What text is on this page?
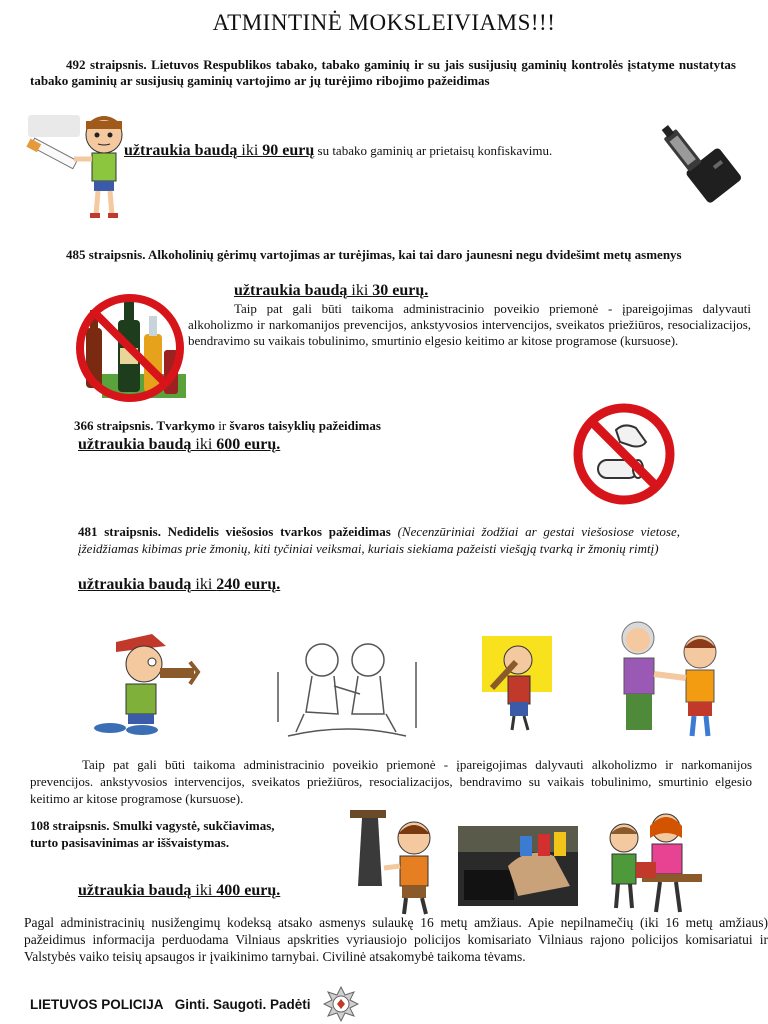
ATMINTINĖ MOKSLEIVIAMS!!!
492 straipsnis. Lietuvos Respublikos tabako, tabako gaminių ir su jais susijusių gaminių kontrolės įstatyme nustatytas tabako gaminių ar susijusių gaminių vartojimo ar jų turėjimo ribojimo pažeidimas
užtraukia baudą iki 90 eurų su tabako gaminių ar prietaisų konfiskavimu.
485 straipsnis. Alkoholinių gėrimų vartojimas ar turėjimas, kai tai daro jaunesni negu dvidešimt metų asmenys
užtraukia baudą iki 30 eurų.
Taip pat gali būti taikoma administracinio poveikio priemonė - įpareigojimas dalyvauti alkoholizmo ir narkomanijos prevencijos, ankstyvosios intervencijos, sveikatos priežiūros, resocializacijos, bendravimo su vaikais tobulinimo, smurtinio elgesio keitimo ar kitose programose (kursuose).
366 straipsnis. Tvarkymo ir švaros taisyklių pažeidimas
užtraukia baudą iki 600 eurų.
481 straipsnis. Nedidelis viešosios tvarkos pažeidimas (Necenzūriniai žodžiai ar gestai viešosiose vietose, įžeidžiamas kibimas prie žmonių, kiti tyčiniai veiksmai, kuriais siekiama pažeisti viešąją tvarką ir žmonių rimtį)
užtraukia baudą iki 240 eurų.
Taip pat gali būti taikoma administracinio poveikio priemonė - įpareigojimas dalyvauti alkoholizmo ir narkomanijos prevencijos. ankstyvosios intervencijos, sveikatos priežiūros, resocializacijos, bendravimo su vaikais tobulinimo, smurtinio elgesio keitimo ar kitose programose (kursuose).
108 straipsnis. Smulki vagystė, sukčiavimas, turto pasisavinimas ar iššvaistymas.
užtraukia baudą iki 400 eurų.
Pagal administracinių nusižengimų kodeksą atsako asmenys sulaukę 16 metų amžiaus. Apie nepilnamečių (iki 16 metų amžiaus) pažeidimus informacija perduodama Vilniaus apskrities vyriausiojo policijos komisariato Vilniaus rajono policijos komisariatui ir Valstybės vaiko teisių apsaugos ir įvaikinimo tarnybai. Civilinė atsakomybė taikoma tėvams.
LIETUVOS POLICIJA Ginti. Saugoti. Padėti
